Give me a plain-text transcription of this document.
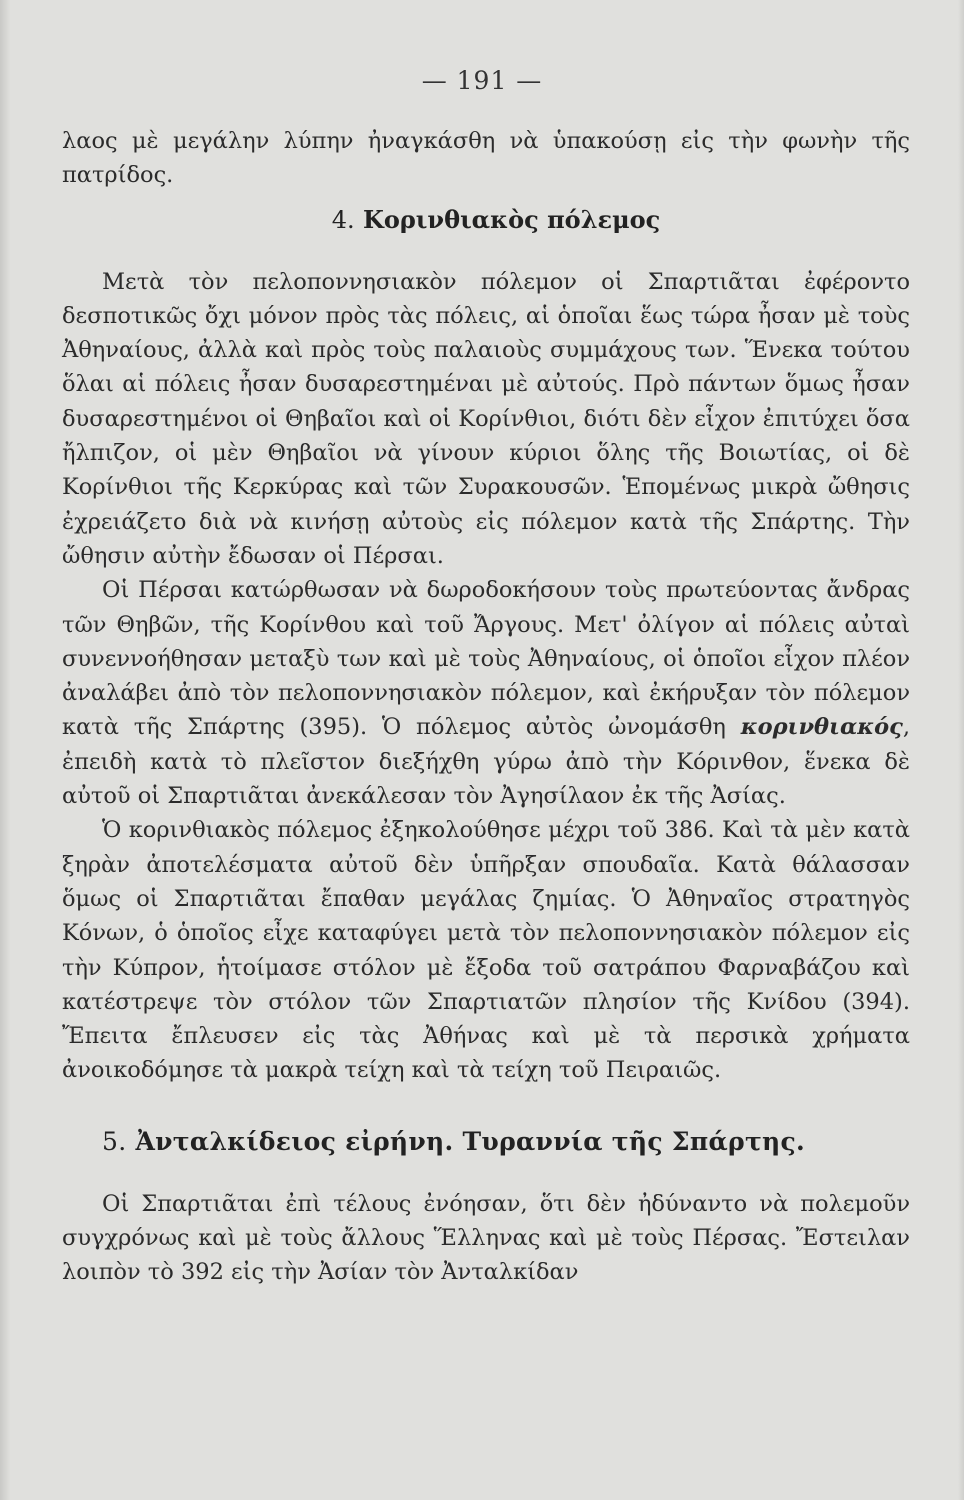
— 191 —

λαος μὲ μεγάλην λύπην ἠναγκάσθη νὰ ὑπακούσῃ εἰς τὴν φωνὴν τῆς πατρίδος.

4. Κορινθιακὸς πόλεμος

Μετὰ τὸν πελοποννησιακὸν πόλεμον οἱ Σπαρτιᾶται ἐφέροντο δεσποτικῶς ὄχι μόνον πρὸς τὰς πόλεις, αἱ ὁποῖαι ἕως τώρα ἦσαν μὲ τοὺς Ἀθηναίους, ἀλλὰ καὶ πρὸς τοὺς παλαιοὺς συμμάχους των. Ἕνεκα τούτου ὅλαι αἱ πόλεις ἦσαν δυσαρεστημέναι μὲ αὐτούς. Πρὸ πάντων ὅμως ἦσαν δυσαρεστημένοι οἱ Θηβαῖοι καὶ οἱ Κορίνθιοι, διότι δὲν εἶχον ἐπιτύχει ὅσα ἤλπιζον, οἱ μὲν Θηβαῖοι νὰ γίνουν κύριοι ὅλης τῆς Βοιωτίας, οἱ δὲ Κορίνθιοι τῆς Κερκύρας καὶ τῶν Συρακουσῶν. Ἑπομένως μικρὰ ὤθησις ἐχρειάζετο διὰ νὰ κινήσῃ αὐτοὺς εἰς πόλεμον κατὰ τῆς Σπάρτης. Τὴν ὤθησιν αὐτὴν ἔδωσαν οἱ Πέρσαι.

Οἱ Πέρσαι κατώρθωσαν νὰ δωροδοκήσουν τοὺς πρωτεύοντας ἄνδρας τῶν Θηβῶν, τῆς Κορίνθου καὶ τοῦ Ἄργους. Μετ' ὀλίγον αἱ πόλεις αὐταὶ συνεννοήθησαν μεταξὺ των καὶ μὲ τοὺς Ἀθηναίους, οἱ ὁποῖοι εἶχον πλέον ἀναλάβει ἀπὸ τὸν πελοποννησιακὸν πόλεμον, καὶ ἐκήρυξαν τὸν πόλεμον κατὰ τῆς Σπάρτης (395). Ὁ πόλεμος αὐτὸς ὠνομάσθη κορινθιακός, ἐπειδὴ κατὰ τὸ πλεῖστον διεξήχθη γύρω ἀπὸ τὴν Κόρινθον, ἕνεκα δὲ αὐτοῦ οἱ Σπαρτιᾶται ἀνεκάλεσαν τὸν Ἀγησίλαον ἐκ τῆς Ἀσίας.

Ὁ κορινθιακὸς πόλεμος ἐξηκολούθησε μέχρι τοῦ 386. Καὶ τὰ μὲν κατὰ ξηρὰν ἀποτελέσματα αὐτοῦ δὲν ὑπῆρξαν σπουδαῖα. Κατὰ θάλασσαν ὅμως οἱ Σπαρτιᾶται ἔπαθαν μεγάλας ζημίας. Ὁ Ἀθηναῖος στρατηγὸς Κόνων, ὁ ὁποῖος εἶχε καταφύγει μετὰ τὸν πελοποννησιακὸν πόλεμον εἰς τὴν Κύπρον, ἡτοίμασε στόλον μὲ ἔξοδα τοῦ σατράπου Φαρναβάζου καὶ κατέστρεψε τὸν στόλον τῶν Σπαρτιατῶν πλησίον τῆς Κνίδου (394). Ἔπειτα ἔπλευσεν εἰς τὰς Ἀθήνας καὶ μὲ τὰ περσικὰ χρήματα ἀνοικοδόμησε τὰ μακρὰ τείχη καὶ τὰ τείχη τοῦ Πειραιῶς.

5. Ἀνταλκίδειος εἰρήνη. Τυραννία τῆς Σπάρτης.

Οἱ Σπαρτιᾶται ἐπὶ τέλους ἐνόησαν, ὅτι δὲν ἠδύναντο νὰ πολεμοῦν συγχρόνως καὶ μὲ τοὺς ἄλλους Ἕλληνας καὶ μὲ τοὺς Πέρσας. Ἔστειλαν λοιπὸν τὸ 392 εἰς τὴν Ἀσίαν τὸν Ἀνταλκίδαν
